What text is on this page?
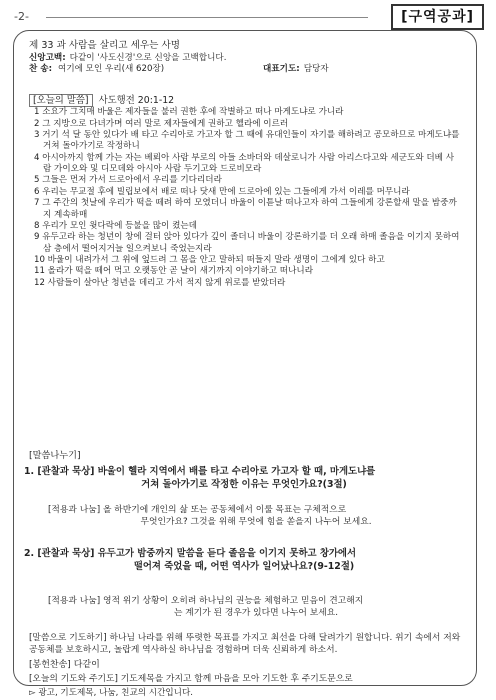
-2-	[구역공과]
제 33 과 사람을 살리고 세우는 사명
신앙고백: 다같이 '사도신경'으로 신앙을 고백합니다.
찬 송: 여기에 모인 우리(새 620장)	대표기도: 담당자
[오늘의 말씀] 사도행전 20:1-12

1 소요가 그치매 바울은 제자들을 불러 권한 후에 작별하고 떠나 마게도냐로 가니라

2 그 지방으로 다녀가며 여러 말로 제자들에게 권하고 헬라에 이르러

3 거기 석 달 동안 있다가 배 타고 수리아로 가고자 할 그 때에 유대인들이 자기를 해하려고 공모하므로 마게도냐를 거쳐 돌아가기로 작정하니

4 아시아까지 함께 가는 자는 베뢰아 사람 부로의 아들 소바더와 데살로니가 사람 아리스다고와 세군도와 더베 사람 가이오와 및 디모데와 아시아 사람 두기고와 드로비모라

5 그들은 먼저 가서 드로아에서 우리를 기다리더라

6 우리는 무교절 후에 빌립보에서 배로 떠나 닷새 만에 드로아에 있는 그들에게 가서 이레를 머무니라

7 그 주간의 첫날에 우리가 떡을 떼려 하여 모였더니 바울이 이튿날 떠나고자 하여 그들에게 강론할새 말을 밤중까지 계속하매

8 우리가 모인 윗다락에 등불을 많이 켰는데

9 유두고라 하는 청년이 창에 걸터 앉아 있다가 깊이 졸더니 바울이 강론하기를 더 오래 하매 졸음을 이기지 못하여 삼 층에서 떨어지거늘 일으켜보니 죽었는지라

10 바울이 내려가서 그 위에 엎드려 그 몸을 안고 말하되 떠들지 말라 생명이 그에게 있다 하고

11 올라가 떡을 떼어 먹고 오랫동안 곧 날이 새기까지 이야기하고 떠나니라

12 사람들이 살아난 청년을 데리고 가서 적지 않게 위로를 받았더라

[말씀나누기]
1. [관찰과 묵상] 바울이 헬라 지역에서 배를 타고 수리아로 가고자 할 때, 마게도냐를
거쳐 돌아가기로 작정한 이유는 무엇인가요?(3절)
[적용과 나눔] 올 하반기에 개인의 삶 또는 공동체에서 이룰 목표는 구체적으로
무엇인가요? 그것을 위해 무엇에 힘을 쏟을지 나누어 보세요.
2. [관찰과 묵상] 유두고가 밤중까지 말씀을 듣다 졸음을 이기지 못하고 창가에서
떨어져 죽었을 때, 어떤 역사가 일어났나요?(9-12절)
[적용과 나눔] 영적 위기 상황이 오히려 하나님의 권능을 체험하고 믿음이 견고해지
는 계기가 된 경우가 있다면 나누어 보세요.
[말씀으로 기도하기] 하나님 나라를 위해 뚜렷한 목표를 가지고 최선을 다해 달려가기 원합니다. 위기 속에서 저와 공동체를 보호하시고, 놀랍게 역사하실 하나님을 경험하며 더욱 신뢰하게 하소서.
[봉헌찬송] 다같이
[오늘의 기도와 주기도] 기도제목을 가지고 함께 마음을 모아 기도한 후 주기도문으로
▻ 광고, 기도제목, 나눔, 친교의 시간입니다.
